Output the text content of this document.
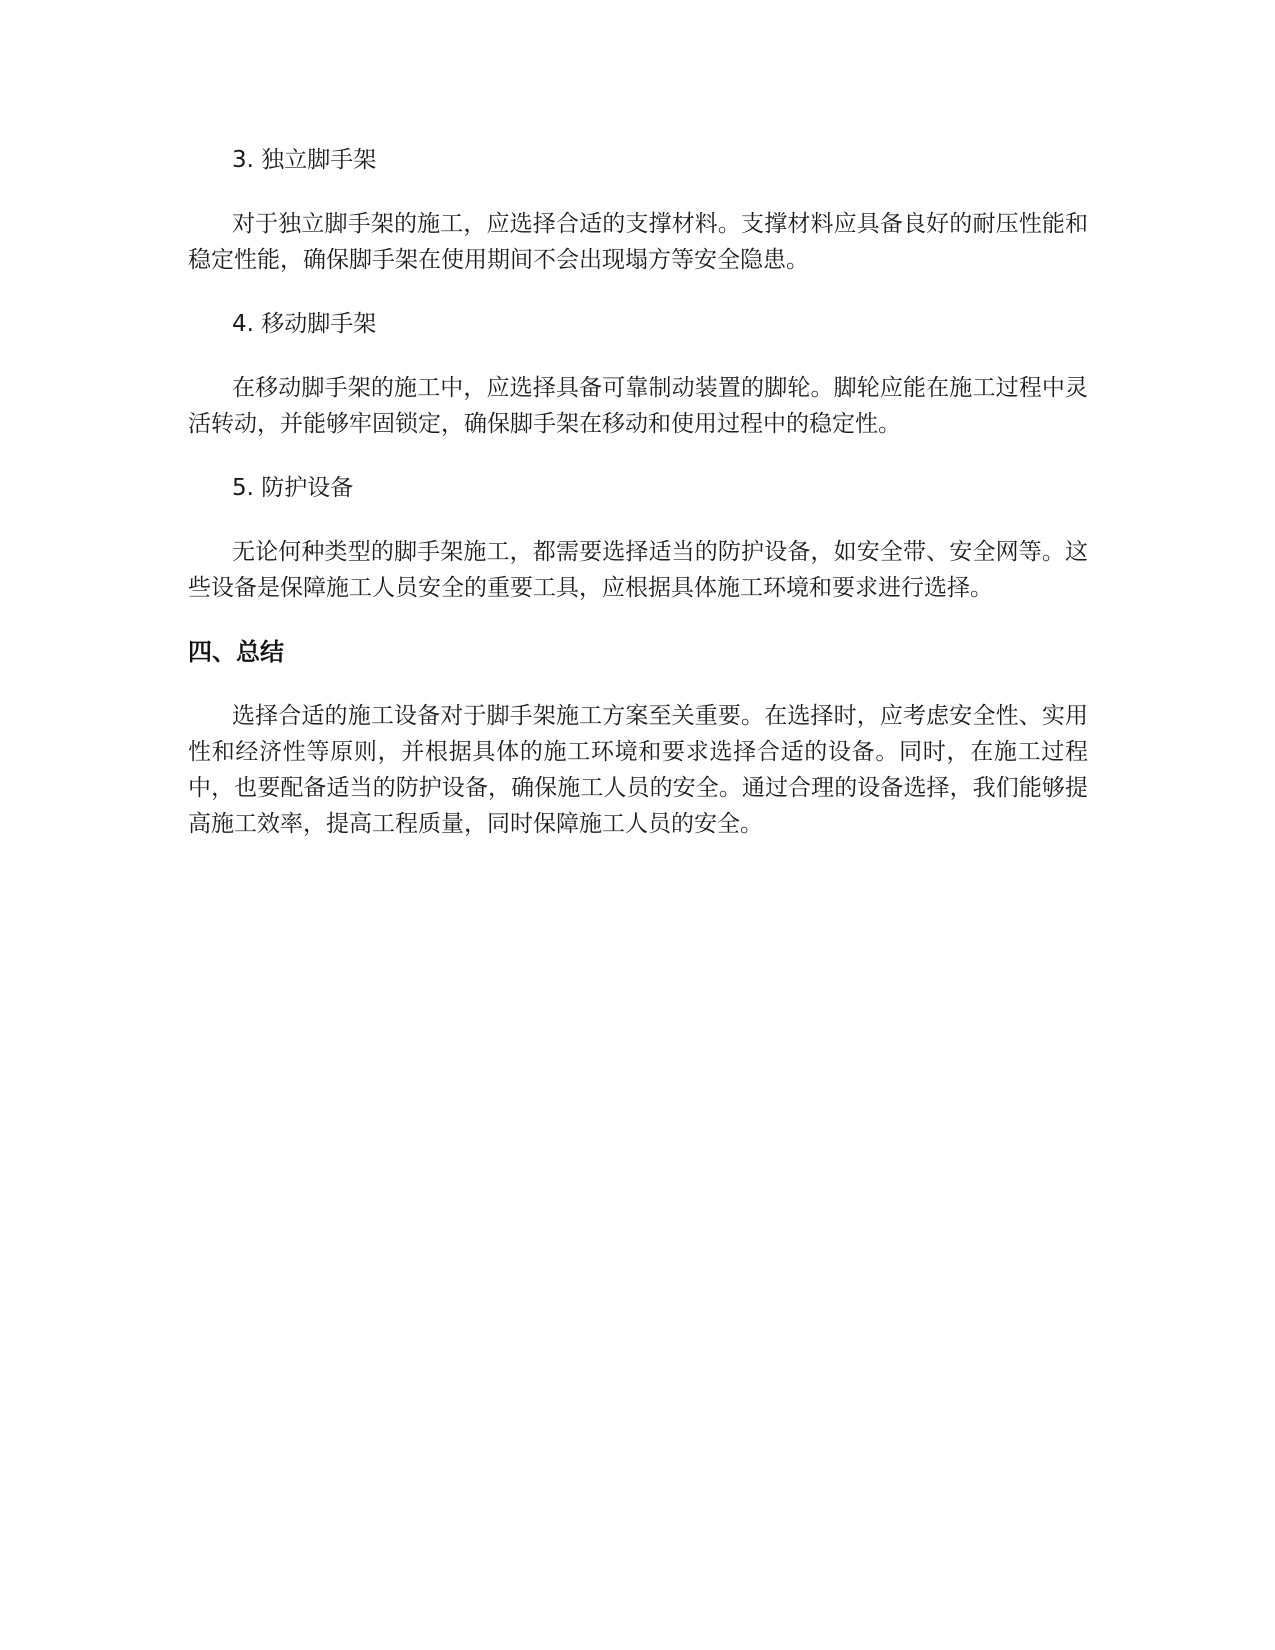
3. 独立脚手架

对于独立脚手架的施工，应选择合适的支撑材料。支撑材料应具备良好的耐压性能和稳定性能，确保脚手架在使用期间不会出现塌方等安全隐患。

4. 移动脚手架

在移动脚手架的施工中，应选择具备可靠制动装置的脚轮。脚轮应能在施工过程中灵活转动，并能够牢固锁定，确保脚手架在移动和使用过程中的稳定性。

5. 防护设备

无论何种类型的脚手架施工，都需要选择适当的防护设备，如安全带、安全网等。这些设备是保障施工人员安全的重要工具，应根据具体施工环境和要求进行选择。

四、总结

选择合适的施工设备对于脚手架施工方案至关重要。在选择时，应考虑安全性、实用性和经济性等原则，并根据具体的施工环境和要求选择合适的设备。同时，在施工过程中，也要配备适当的防护设备，确保施工人员的安全。通过合理的设备选择，我们能够提高施工效率，提高工程质量，同时保障施工人员的安全。
